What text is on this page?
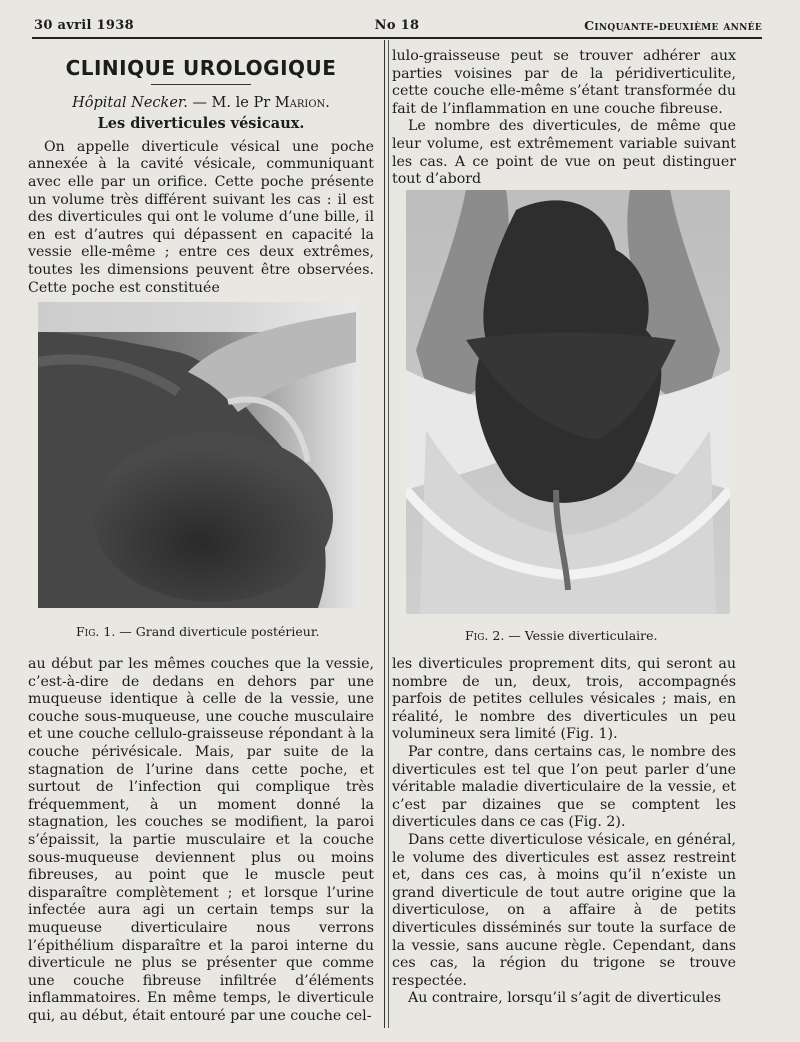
30 avril 1938	No 18	Cinquante-deuxième année
CLINIQUE UROLOGIQUE
Hôpital Necker. — M. le Pr Marion.
Les diverticules vésicaux.

On appelle diverticule vésical une poche annexée à la cavité vésicale, communiquant avec elle par un orifice. Cette poche présente un volume très différent suivant les cas : il est des diverticules qui ont le volume d’une bille, il en est d’autres qui dépassent en capacité la vessie elle-même ; entre ces deux extrêmes, toutes les dimensions peuvent être observées. Cette poche est constituée

Fig. 1. — Grand diverticule postérieur.

au début par les mêmes couches que la vessie, c’est-à-dire de dedans en dehors par une muqueuse identique à celle de la vessie, une couche sous-muqueuse, une couche musculaire et une couche cellulo-graisseuse répondant à la couche périvésicale. Mais, par suite de la stagnation de l’urine dans cette poche, et surtout de l’infection qui complique très fréquemment, à un moment donné la stagnation, les couches se modifient, la paroi s’épaissit, la partie musculaire et la couche sous-muqueuse deviennent plus ou moins fibreuses, au point que le muscle peut disparaître complètement ; et lorsque l’urine infectée aura agi un certain temps sur la muqueuse diverticulaire nous verrons l’épithélium disparaître et la paroi interne du diverticule ne plus se présenter que comme une couche fibreuse infiltrée d’éléments inflammatoires. En même temps, le diverticule qui, au début, était entouré par une couche cel-

lulo-graisseuse peut se trouver adhérer aux parties voisines par de la péridiverticulite, cette couche elle-même s’étant transformée du fait de l’inflammation en une couche fibreuse.

Le nombre des diverticules, de même que leur volume, est extrêmement variable suivant les cas. A ce point de vue on peut distinguer tout d’abord

Fig. 2. — Vessie diverticulaire.

les diverticules proprement dits, qui seront au nombre de un, deux, trois, accompagnés parfois de petites cellules vésicales ; mais, en réalité, le nombre des diverticules un peu volumineux sera limité (Fig. 1).

Par contre, dans certains cas, le nombre des diverticules est tel que l’on peut parler d’une véritable maladie diverticulaire de la vessie, et c’est par dizaines que se comptent les diverticules dans ce cas (Fig. 2).

Dans cette diverticulose vésicale, en général, le volume des diverticules est assez restreint et, dans ces cas, à moins qu’il n’existe un grand diverticule de tout autre origine que la diverticulose, on a affaire à de petits diverticules disséminés sur toute la surface de la vessie, sans aucune règle. Cependant, dans ces cas, la région du trigone se trouve respectée.

Au contraire, lorsqu’il s’agit de diverticules
